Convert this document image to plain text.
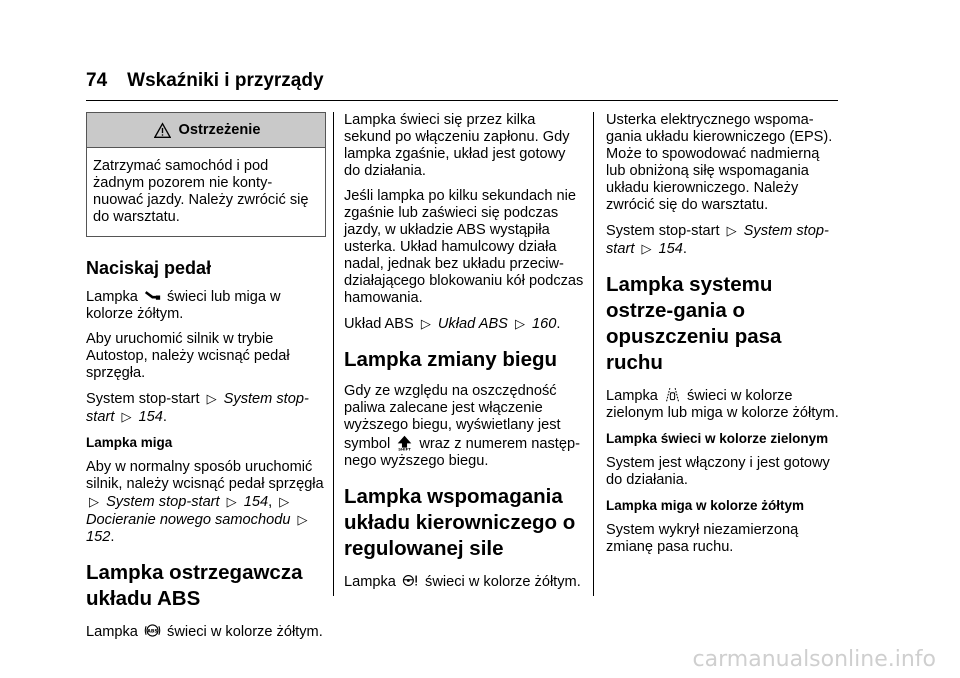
74 Wskaźniki i przyrządy
Ostrzeżenie
Zatrzymać samochód i pod żadnym pozorem nie konty-nuować jazdy. Należy zwrócić się do warsztatu.
Naciskaj pedał

Lampka świeci lub miga w kolorze żółtym.

Aby uruchomić silnik w trybie Autostop, należy wcisnąć pedał sprzęgła.

System stop-start ▷ System stop-start ▷ 154.

Lampka miga

Aby w normalny sposób uruchomić silnik, należy wcisnąć pedał sprzęgła ▷ System stop-start ▷ 154, ▷ Docieranie nowego samochodu ▷ 152.

Lampka ostrzegawcza układu ABS

Lampka ABS świeci w kolorze żółtym.

Lampka świeci się przez kilka sekund po włączeniu zapłonu. Gdy lampka zgaśnie, układ jest gotowy do działania.

Jeśli lampka po kilku sekundach nie zgaśnie lub zaświeci się podczas jazdy, w układzie ABS wystąpiła usterka. Układ hamulcowy działa nadal, jednak bez układu przeciw-działającego blokowaniu kół podczas hamowania.

Układ ABS ▷ Układ ABS ▷ 160.

Lampka zmiany biegu

Gdy ze względu na oszczędność paliwa zalecane jest włączenie wyższego biegu, wyświetlany jest symbol SHIFT wraz z numerem następ-nego wyższego biegu.

Lampka wspomagania układu kierowniczego o regulowanej sile

Lampka świeci w kolorze żółtym.

Usterka elektrycznego wspoma-gania układu kierowniczego (EPS). Może to spowodować nadmierną lub obniżoną siłę wspomagania układu kierowniczego. Należy zwrócić się do warsztatu.

System stop-start ▷ System stop-start ▷ 154.

Lampka systemu ostrze-gania o opuszczeniu pasa ruchu

Lampka świeci w kolorze zielonym lub miga w kolorze żółtym.

Lampka świeci w kolorze zielonym

System jest włączony i jest gotowy do działania.

Lampka miga w kolorze żółtym

System wykrył niezamierzoną zmianę pasa ruchu.

carmanualsonline.info
